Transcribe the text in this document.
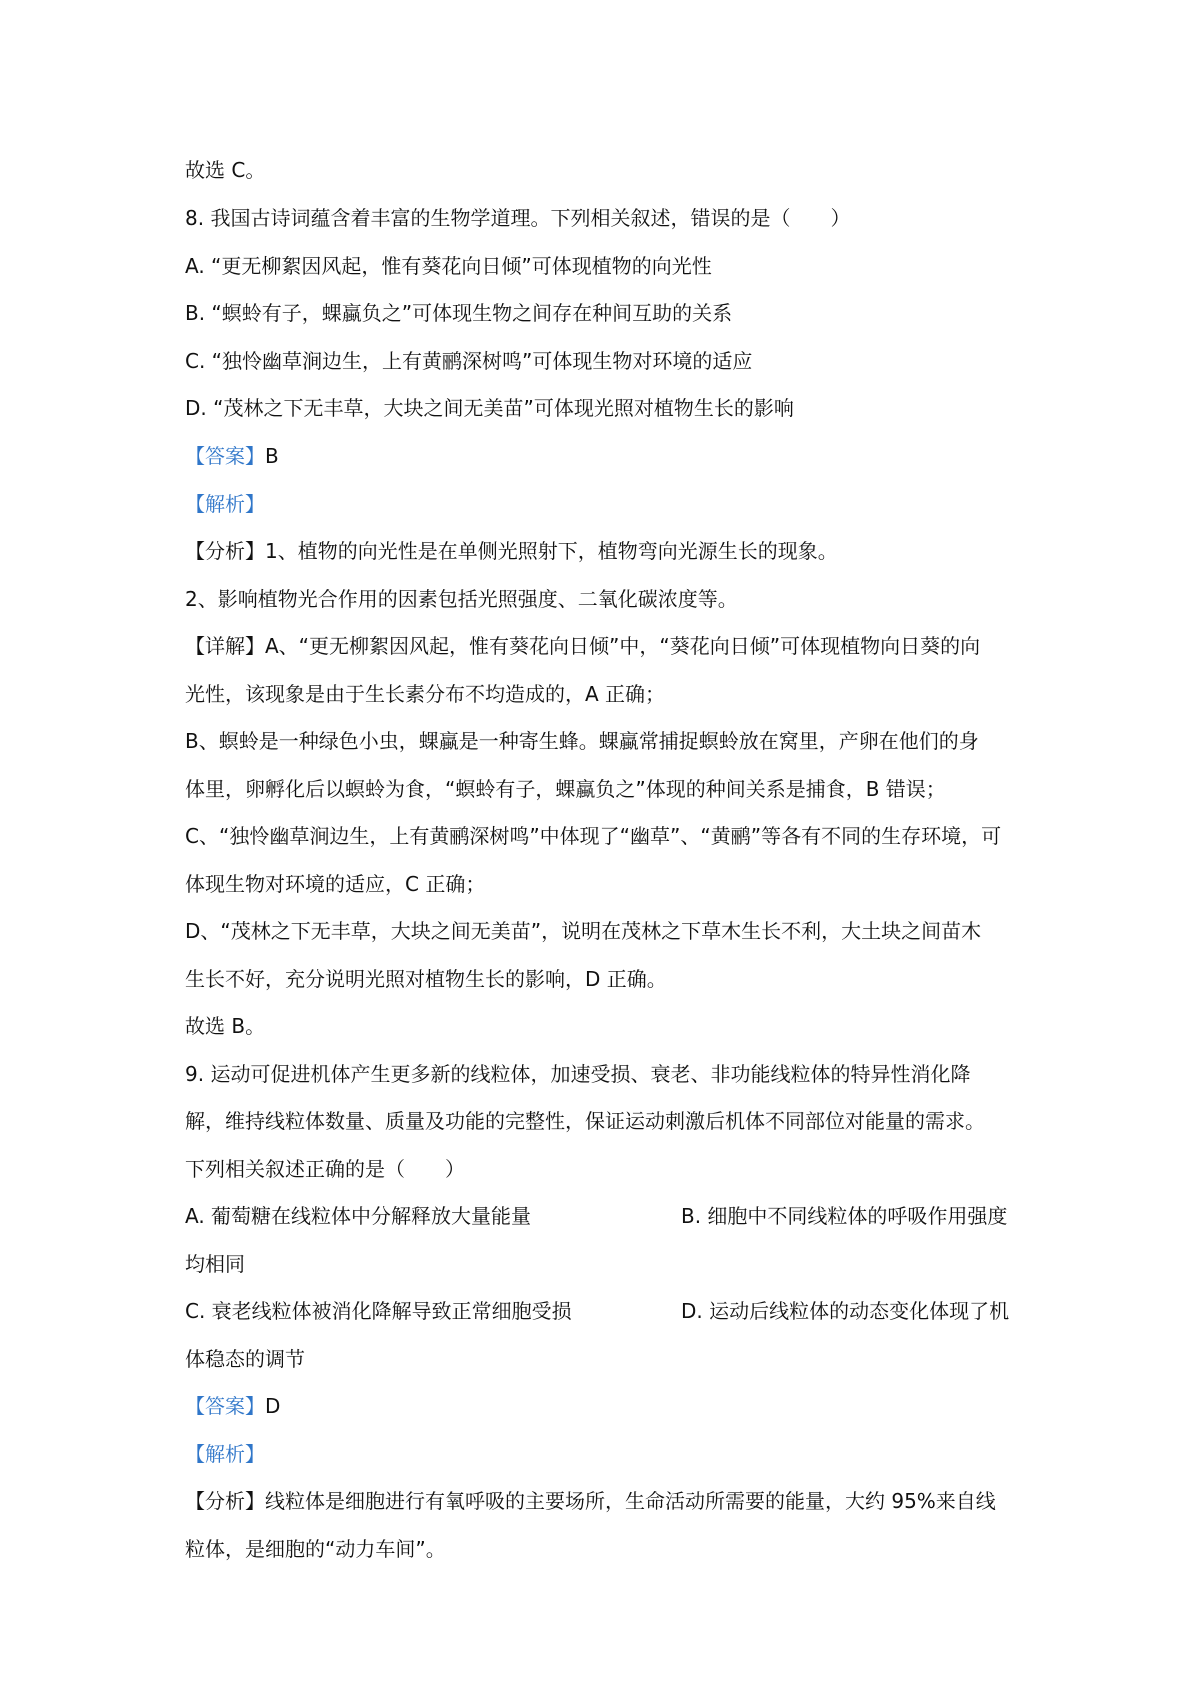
故选 C。
8. 我国古诗词蕴含着丰富的生物学道理。下列相关叙述，错误的是（　　）
A. “更无柳絮因风起，惟有葵花向日倾”可体现植物的向光性
B. “螟蛉有子，蜾蠃负之”可体现生物之间存在种间互助的关系
C. “独怜幽草涧边生，上有黄鹂深树鸣”可体现生物对环境的适应
D. “茂林之下无丰草，大块之间无美苗”可体现光照对植物生长的影响
【答案】B
【解析】
【分析】1、植物的向光性是在单侧光照射下，植物弯向光源生长的现象。
2、影响植物光合作用的因素包括光照强度、二氧化碳浓度等。
【详解】A、“更无柳絮因风起，惟有葵花向日倾”中，“葵花向日倾”可体现植物向日葵的向
光性，该现象是由于生长素分布不均造成的，A 正确；
B、螟蛉是一种绿色小虫，蜾蠃是一种寄生蜂。蜾蠃常捕捉螟蛉放在窝里，产卵在他们的身
体里，卵孵化后以螟蛉为食，“螟蛉有子，蜾蠃负之”体现的种间关系是捕食，B 错误；
C、“独怜幽草涧边生，上有黄鹂深树鸣”中体现了“幽草”、“黄鹂”等各有不同的生存环境，可
体现生物对环境的适应，C 正确；
D、“茂林之下无丰草，大块之间无美苗”，说明在茂林之下草木生长不利，大土块之间苗木
生长不好，充分说明光照对植物生长的影响，D 正确。
故选 B。
9. 运动可促进机体产生更多新的线粒体，加速受损、衰老、非功能线粒体的特异性消化降
解，维持线粒体数量、质量及功能的完整性，保证运动刺激后机体不同部位对能量的需求。
下列相关叙述正确的是（　　）
A. 葡萄糖在线粒体中分解释放大量能量	B. 细胞中不同线粒体的呼吸作用强度
均相同
C. 衰老线粒体被消化降解导致正常细胞受损	D. 运动后线粒体的动态变化体现了机
体稳态的调节
【答案】D
【解析】
【分析】线粒体是细胞进行有氧呼吸的主要场所，生命活动所需要的能量，大约 95%来自线
粒体，是细胞的“动力车间”。
